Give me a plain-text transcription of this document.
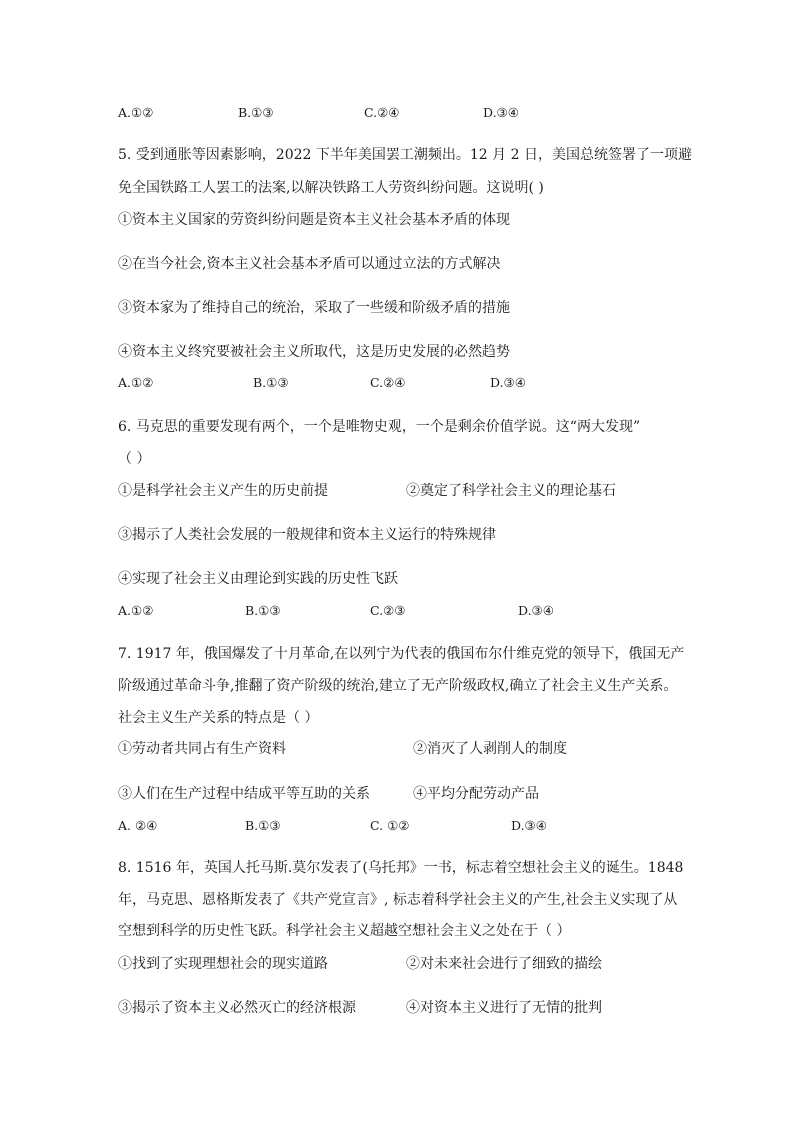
A.①②	B.①③	C.②④	D.③④
5. 受到通胀等因素影响，2022 下半年美国罢工潮频出。12 月 2 日，美国总统签署了一项避
免全国铁路工人罢工的法案,以解决铁路工人劳资纠纷问题。这说明( )
①资本主义国家的劳资纠纷问题是资本主义社会基本矛盾的体现
②在当今社会,资本主义社会基本矛盾可以通过立法的方式解决
③资本家为了维持自己的统治，采取了一些缓和阶级矛盾的措施
④资本主义终究要被社会主义所取代，这是历史发展的必然趋势
A.①②	B.①③	C.②④	D.③④
6. 马克思的重要发现有两个，一个是唯物史观，一个是剩余价值学说。这“两大发现”
（ ）
①是科学社会主义产生的历史前提	②奠定了科学社会主义的理论基石
③揭示了人类社会发展的一般规律和资本主义运行的特殊规律
④实现了社会主义由理论到实践的历史性飞跃
A.①②	B.①③	C.②③	D.③④
7. 1917 年，俄国爆发了十月革命,在以列宁为代表的俄国布尔什维克党的领导下，俄国无产
阶级通过革命斗争,推翻了资产阶级的统治,建立了无产阶级政权,确立了社会主义生产关系。
社会主义生产关系的特点是（ ）
①劳动者共同占有生产资料	②消灭了人剥削人的制度
③人们在生产过程中结成平等互助的关系	④平均分配劳动产品
A. ②④	B.①③	C. ①②	D.③④
8. 1516 年，英国人托马斯.莫尔发表了(乌托邦》一书，标志着空想社会主义的诞生。1848
年，马克思、恩格斯发表了《共产党宣言》, 标志着科学社会主义的产生,社会主义实现了从
空想到科学的历史性飞跃。科学社会主义超越空想社会主义之处在于（ ）
①找到了实现理想社会的现实道路	②对未来社会进行了细致的描绘
③揭示了资本主义必然灭亡的经济根源	④对资本主义进行了无情的批判
